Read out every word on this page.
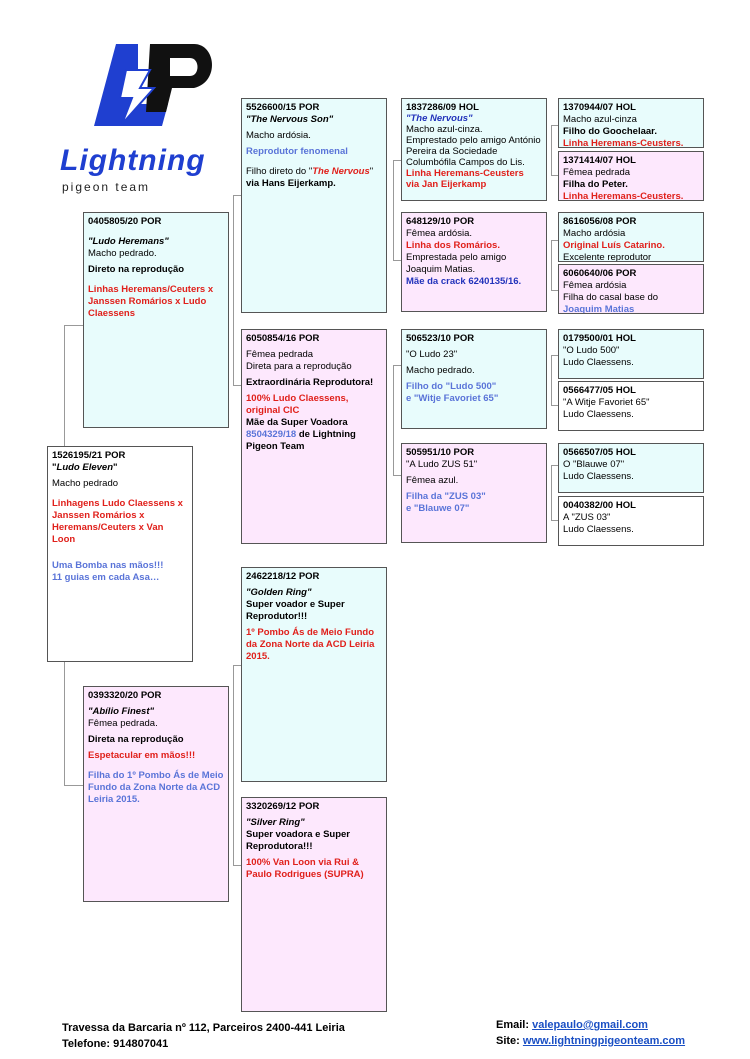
Lightning
pigeon team
1526195/21 POR
"Ludo Eleven"
Macho pedrado
Linhagens Ludo Claessens x Janssen Romários x Heremans/Ceuters x Van Loon
Uma Bomba nas mãos!!!
11 guias em cada Asa…
0405805/20 POR
"Ludo Heremans"
Macho pedrado.
Direto na reprodução
Linhas Heremans/Ceuters x Janssen Romários x Ludo Claessens
0393320/20 POR
"Abílio Finest"
Fêmea pedrada.
Direta na reprodução
Espetacular em mãos!!!
Filha do 1º Pombo Ás de Meio Fundo da Zona Norte da ACD Leiria 2015.
5526600/15 POR
"The Nervous Son"
Macho ardósia.
Reprodutor fenomenal
Filho direto do "The Nervous"
via Hans Eijerkamp.
6050854/16 POR
Fêmea pedrada
Direta para a reprodução
Extraordinária Reprodutora!
100% Ludo Claessens,
original CIC
Mãe da Super Voadora
8504329/18 de Lightning Pigeon Team
2462218/12 POR
"Golden Ring"
Super voador e Super Reprodutor!!!
1º Pombo Ás de Meio Fundo da Zona Norte da ACD Leiria 2015.
3320269/12 POR
"Silver Ring"
Super voadora e Super Reprodutora!!!
100% Van Loon via Rui & Paulo Rodrigues (SUPRA)
1837286/09 HOL
"The Nervous"
Macho azul-cinza.
Emprestado pelo amigo António Pereira da Sociedade Columbófila Campos do Lis.
Linha Heremans-Ceusters
via Jan Eijerkamp
648129/10 POR
Fêmea ardósia.
Linha dos Romários.
Emprestada pelo amigo Joaquim Matias.
Mãe da crack 6240135/16.
506523/10 POR
"O Ludo 23"
Macho pedrado.
Filho do "Ludo 500"
e "Witje Favoriet 65"
505951/10 POR
"A Ludo ZUS 51"
Fêmea azul.
Filha da "ZUS 03"
e "Blauwe 07"
1370944/07 HOL
Macho azul-cinza
Filho do Goochelaar.
Linha Heremans-Ceusters.
1371414/07 HOL
Fêmea pedrada
Filha do Peter.
Linha Heremans-Ceusters.
8616056/08 POR
Macho ardósia
Original Luís Catarino.
Excelente reprodutor
6060640/06 POR
Fêmea ardósia
Filha do casal base do
Joaquim Matias
0179500/01 HOL
"O Ludo 500"
Ludo Claessens.
0566477/05 HOL
"A Witje Favoriet 65"
Ludo Claessens.
0566507/05 HOL
O "Blauwe 07"
Ludo Claessens.
0040382/00 HOL
A "ZUS 03"
Ludo Claessens.
Travessa da Barcaria nº 112, Parceiros 2400-441 Leiria
Telefone: 914807041
Email: valepaulo@gmail.com
Site: www.lightningpigeonteam.com
